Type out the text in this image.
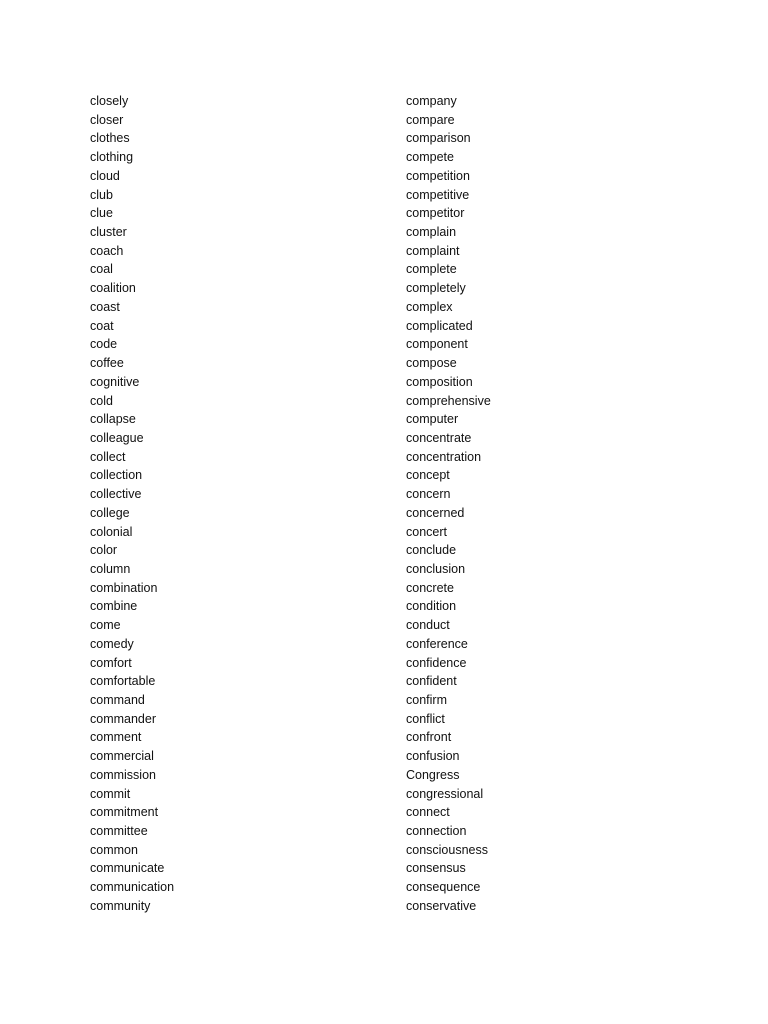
closely
closer
clothes
clothing
cloud
club
clue
cluster
coach
coal
coalition
coast
coat
code
coffee
cognitive
cold
collapse
colleague
collect
collection
collective
college
colonial
color
column
combination
combine
come
comedy
comfort
comfortable
command
commander
comment
commercial
commission
commit
commitment
committee
common
communicate
communication
community
company
compare
comparison
compete
competition
competitive
competitor
complain
complaint
complete
completely
complex
complicated
component
compose
composition
comprehensive
computer
concentrate
concentration
concept
concern
concerned
concert
conclude
conclusion
concrete
condition
conduct
conference
confidence
confident
confirm
conflict
confront
confusion
Congress
congressional
connect
connection
consciousness
consensus
consequence
conservative
